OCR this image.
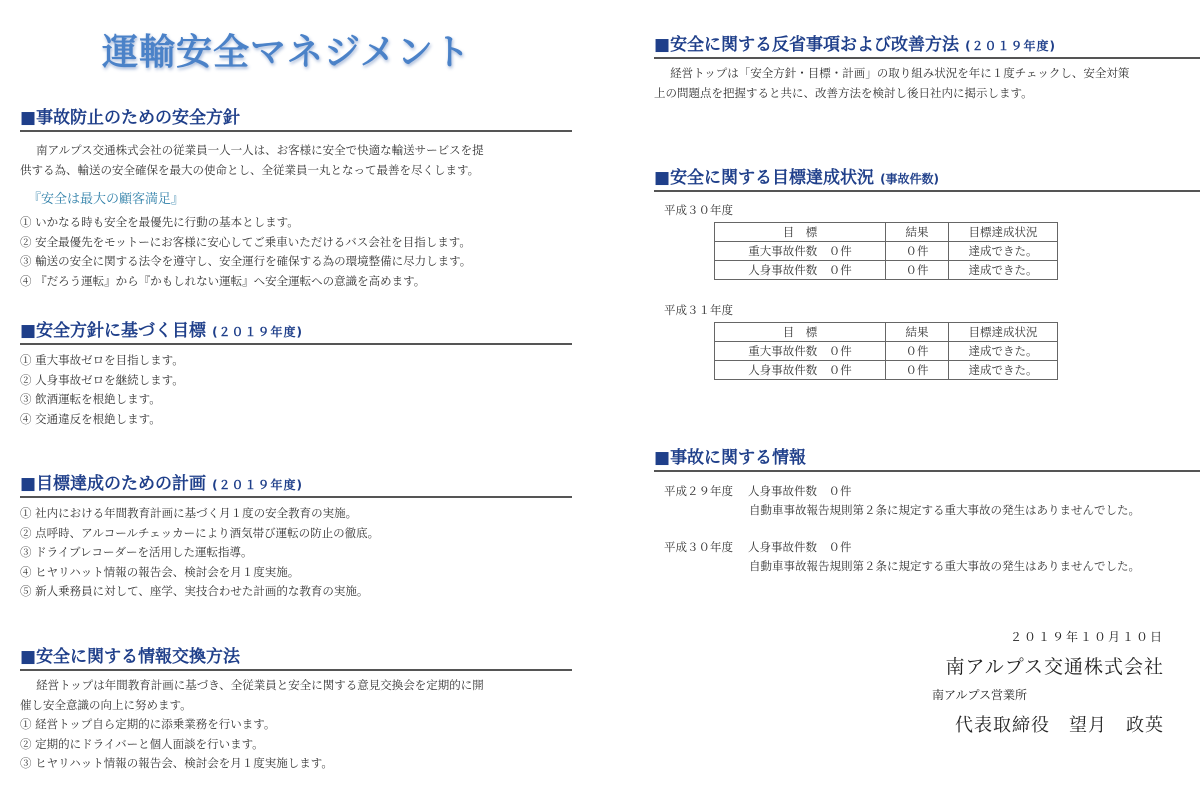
運輸安全マネジメント
■事故防止のための安全方針

南アルプス交通株式会社の従業員一人一人は、お客様に安全で快適な輸送サービスを提

供する為、輸送の安全確保を最大の使命とし、全従業員一丸となって最善を尽くします。

『安全は最大の顧客満足』
① いかなる時も安全を最優先に行動の基本とします。
② 安全最優先をモットーにお客様に安心してご乗車いただけるバス会社を目指します。
③ 輸送の安全に関する法令を遵守し、安全運行を確保する為の環境整備に尽力します。
④ 『だろう運転』から『かもしれない運転』へ安全運転への意識を高めます。
■安全方針に基づく目標 (２０１９年度)
① 重大事故ゼロを目指します。
② 人身事故ゼロを継続します。
③ 飲酒運転を根絶します。
④ 交通違反を根絶します。
■目標達成のための計画 (２０１９年度)
① 社内における年間教育計画に基づく月１度の安全教育の実施。
② 点呼時、アルコールチェッカーにより酒気帯び運転の防止の徹底。
③ ドライブレコーダーを活用した運転指導。
④ ヒヤリハット情報の報告会、検討会を月１度実施。
⑤ 新人乗務員に対して、座学、実技合わせた計画的な教育の実施。
■安全に関する情報交換方法

経営トップは年間教育計画に基づき、全従業員と安全に関する意見交換会を定期的に開

催し安全意識の向上に努めます。

① 経営トップ自ら定期的に添乗業務を行います。
② 定期的にドライバーと個人面談を行います。
③ ヒヤリハット情報の報告会、検討会を月１度実施します。
■安全に関する反省事項および改善方法 (２０１９年度)

経営トップは「安全方針・目標・計画」の取り組み状況を年に１度チェックし、安全対策

上の問題点を把握すると共に、改善方法を検討し後日社内に掲示します。

■安全に関する目標達成状況 (事故件数)
平成３０年度
目　標	結果	目標達成状況
重大事故件数　０件	０件	達成できた。
人身事故件数　０件	０件	達成できた。
平成３１年度
目　標	結果	目標達成状況
重大事故件数　０件	０件	達成できた。
人身事故件数　０件	０件	達成できた。
■事故に関する情報
平成２９年度 人身事故件数　０件
自動車事故報告規則第２条に規定する重大事故の発生はありませんでした。
平成３０年度 人身事故件数　０件
自動車事故報告規則第２条に規定する重大事故の発生はありませんでした。
２０１９年１０月１０日
南アルプス交通株式会社
南アルプス営業所
代表取締役　望月　政英
